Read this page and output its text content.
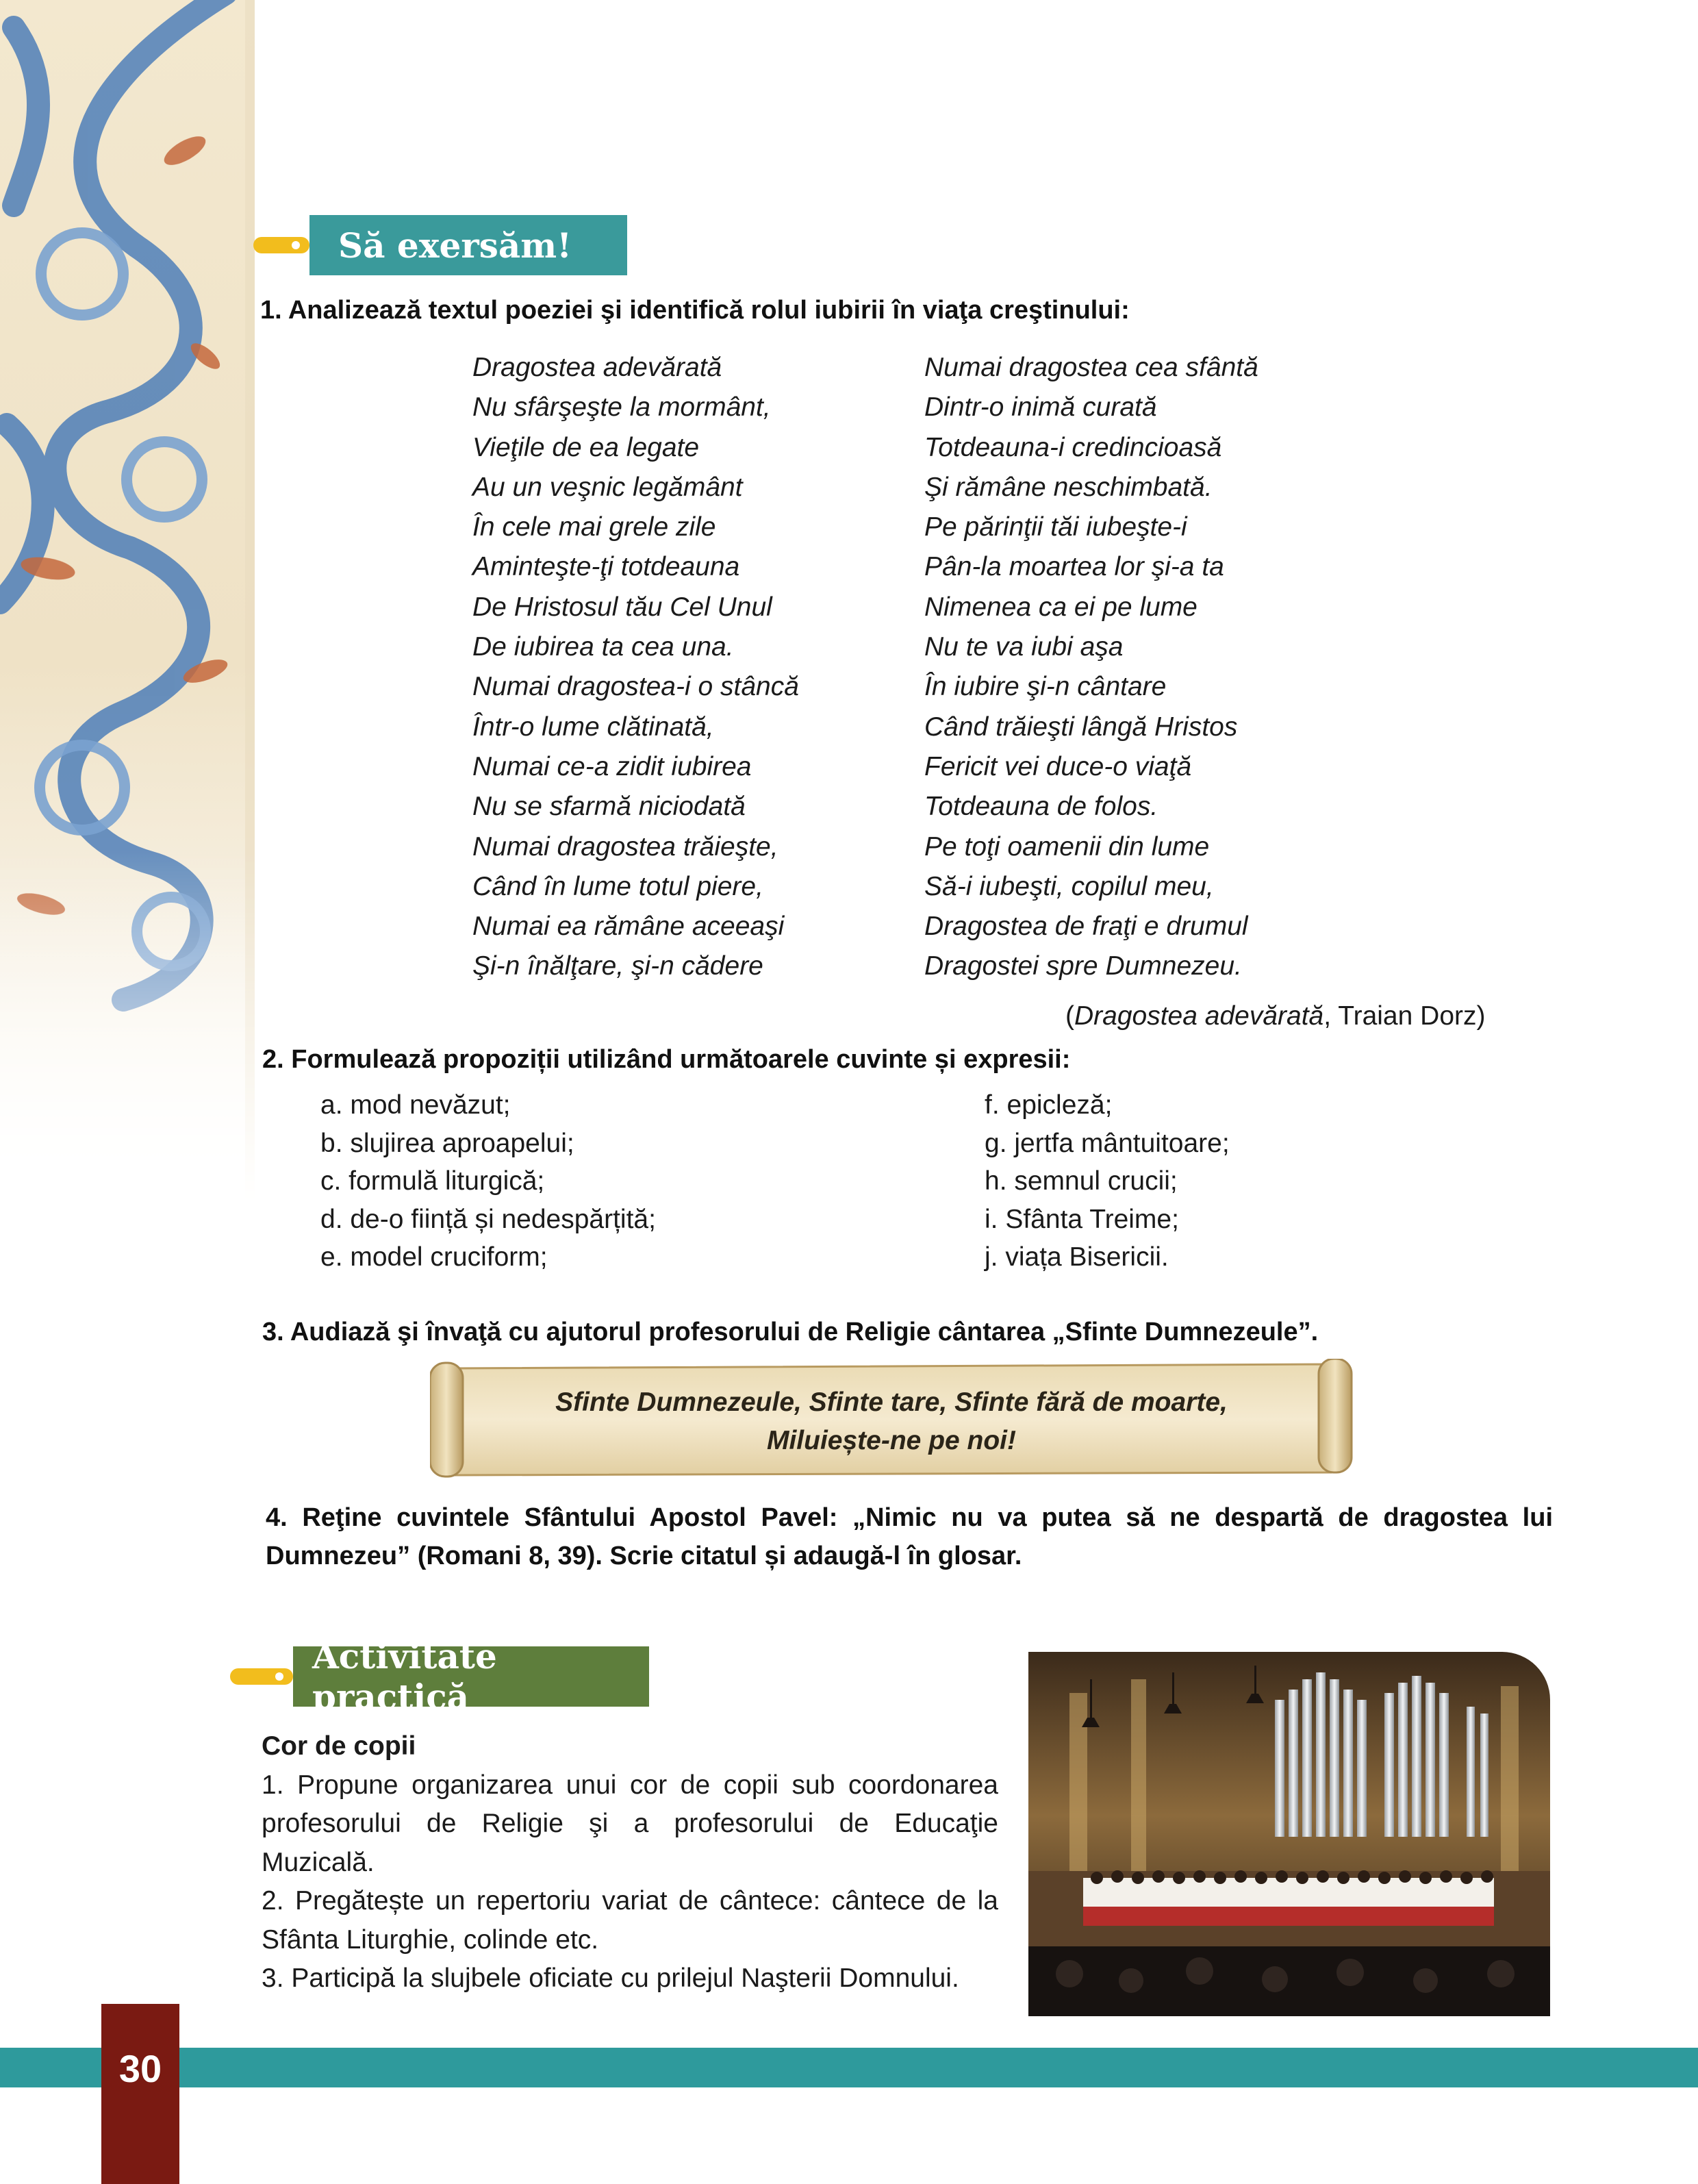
Să exersăm!
1. Analizează textul poeziei şi identifică rolul iubirii în viaţa creştinului:
Dragostea adevărată
Nu sfârşeşte la mormânt,
Vieţile de ea legate
Au un veşnic legământ
În cele mai grele zile
Aminteşte-ţi totdeauna
De Hristosul tău Cel Unul
De iubirea ta cea una.
Numai dragostea-i o stâncă
Într-o lume clătinată,
Numai ce-a zidit iubirea
Nu se sfarmă niciodată
Numai dragostea trăieşte,
Când în lume totul piere,
Numai ea rămâne aceeaşi
Şi-n înălţare, şi-n cădere
Numai dragostea cea sfântă
Dintr-o inimă curată
Totdeauna-i credincioasă
Şi rămâne neschimbată.
Pe părinţii tăi iubeşte-i
Pân-la moartea lor şi-a ta
Nimenea ca ei pe lume
Nu te va iubi aşa
În iubire şi-n cântare
Când trăieşti lângă Hristos
Fericit vei duce-o viaţă
Totdeauna de folos.
Pe toţi oamenii din lume
Să-i iubeşti, copilul meu,
Dragostea de fraţi e drumul
Dragostei spre Dumnezeu.
(Dragostea adevărată, Traian Dorz)
2. Formulează propoziții utilizând următoarele cuvinte și expresii:
a. mod nevăzut;
b. slujirea aproapelui;
c. formulă liturgică;
d. de-o ființă și nedespărțită;
e. model cruciform;
f. epicleză;
g. jertfa mântuitoare;
h. semnul crucii;
i. Sfânta Treime;
j. viața Bisericii.
3. Audiază şi învaţă cu ajutorul profesorului de Religie cântarea „Sfinte Dumnezeule”.
Sfinte Dumnezeule, Sfinte tare, Sfinte fără de moarte,
Miluiește-ne pe noi!
4. Reţine cuvintele Sfântului Apostol Pavel: „Nimic nu va putea să ne despartă de dragostea lui
Dumnezeu” (Romani 8, 39). Scrie citatul și adaugă-l în glosar.
Activitate practică
Cor de copii
1. Propune organizarea unui cor de copii sub coordonarea
profesorului de Religie şi a profesorului de Educaţie
Muzicală.
2. Pregătește un repertoriu variat de cântece: cântece de la
Sfânta Liturghie, colinde etc.
3. Participă la slujbele oficiate cu prilejul Naşterii Domnului.
30
